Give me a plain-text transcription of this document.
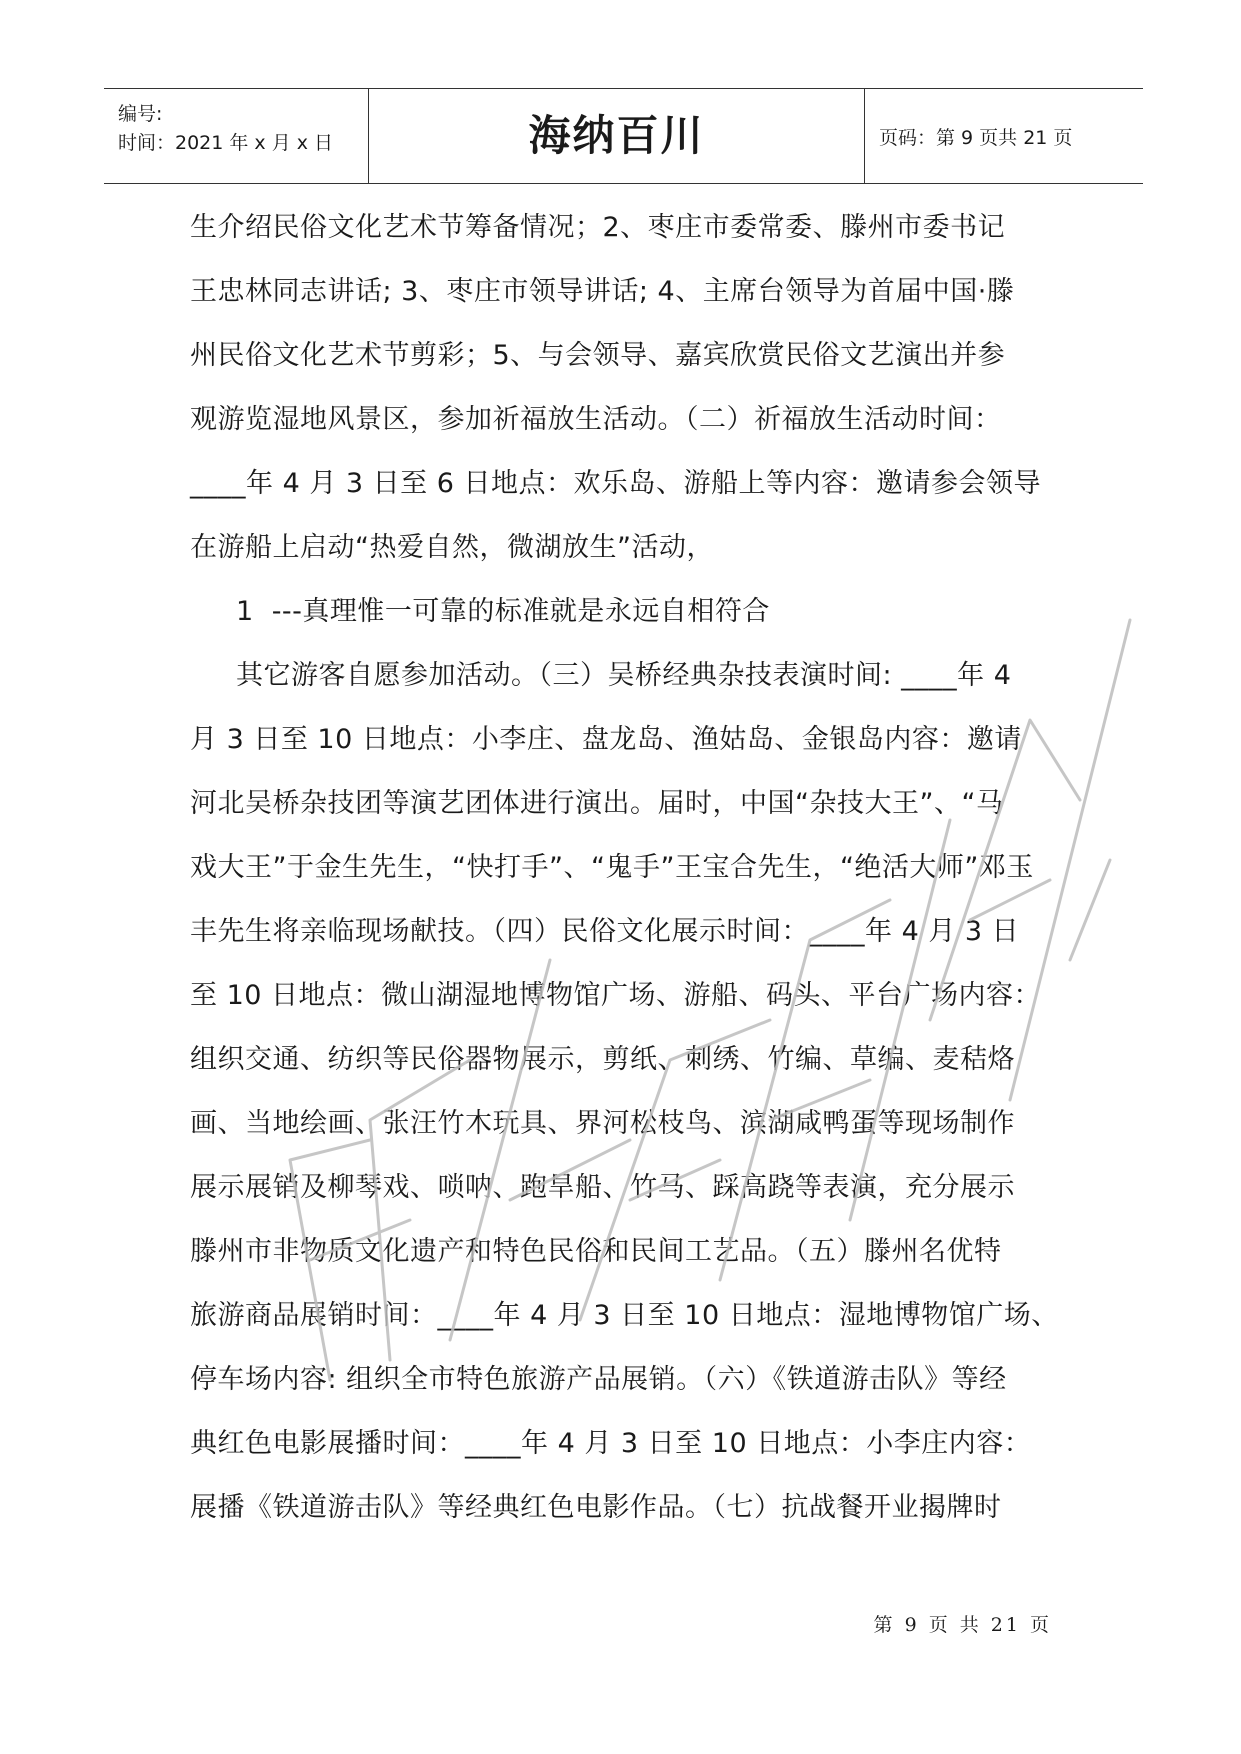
编号:
时间：2021 年 x 月 x 日	海纳百川	页码：第 9 页共 21 页
生介绍民俗文化艺术节筹备情况；2、枣庄市委常委、滕州市委书记
王忠林同志讲话; 3、枣庄市领导讲话; 4、主席台领导为首届中国·滕
州民俗文化艺术节剪彩；5、与会领导、嘉宾欣赏民俗文艺演出并参
观游览湿地风景区，参加祈福放生活动。（二）祈福放生活动时间：
____年 4 月 3 日至 6 日地点：欢乐岛、游船上等内容：邀请参会领导
在游船上启动“热爱自然，微湖放生”活动，
1 ---真理惟一可靠的标准就是永远自相符合
其它游客自愿参加活动。（三）吴桥经典杂技表演时间: ____年 4
月 3 日至 10 日地点：小李庄、盘龙岛、渔姑岛、金银岛内容：邀请
河北吴桥杂技团等演艺团体进行演出。届时，中国“杂技大王”、“马
戏大王”于金生先生，“快打手”、“鬼手”王宝合先生，“绝活大师”邓玉
丰先生将亲临现场献技。（四）民俗文化展示时间：____年 4 月 3 日
至 10 日地点：微山湖湿地博物馆广场、游船、码头、平台广场内容：
组织交通、纺织等民俗器物展示，剪纸、刺绣、竹编、草编、麦秸烙
画、当地绘画、张汪竹木玩具、界河松枝鸟、滨湖咸鸭蛋等现场制作
展示展销及柳琴戏、唢呐、跑旱船、竹马、踩高跷等表演，充分展示
滕州市非物质文化遗产和特色民俗和民间工艺品。（五）滕州名优特
旅游商品展销时间：____年 4 月 3 日至 10 日地点：湿地博物馆广场、
停车场内容: 组织全市特色旅游产品展销。（六）《铁道游击队》等经
典红色电影展播时间：____年 4 月 3 日至 10 日地点：小李庄内容：
展播《铁道游击队》等经典红色电影作品。（七）抗战餐开业揭牌时
第 9 页 共 21 页
